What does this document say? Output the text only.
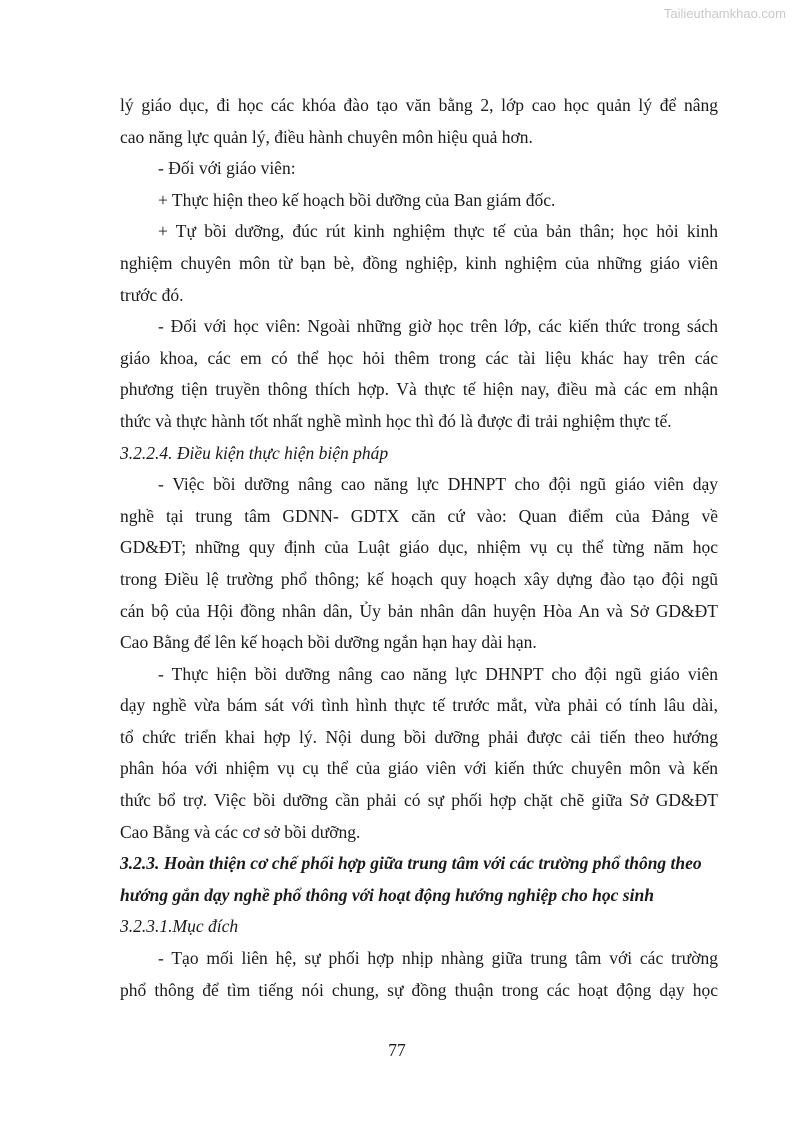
Tailieuthamkhao.com
lý giáo dục, đi học các khóa đào tạo văn bằng 2, lớp cao học quản lý để nâng
cao năng lực quản lý, điều hành chuyên môn hiệu quả hơn.
- Đối với giáo viên:
+ Thực hiện theo kế hoạch bồi dưỡng của Ban giám đốc.
+ Tự bồi dưỡng, đúc rút kinh nghiệm thực tế của bản thân; học hỏi kinh
nghiệm chuyên môn từ bạn bè, đồng nghiệp, kinh nghiệm của những giáo viên
trước đó.
- Đối với học viên: Ngoài những giờ học trên lớp, các kiến thức trong sách
giáo khoa, các em có thể học hỏi thêm trong các tài liệu khác hay trên các
phương tiện truyền thông thích hợp. Và thực tế hiện nay, điều mà các em nhận
thức và thực hành tốt nhất nghề mình học thì đó là được đi trải nghiệm thực tế.
3.2.2.4. Điều kiện thực hiện biện pháp
- Việc bồi dưỡng nâng cao năng lực DHNPT cho đội ngũ giáo viên dạy
nghề tại trung tâm GDNN- GDTX căn cứ vào: Quan điểm của Đảng về
GD&ĐT; những quy định của Luật giáo dục, nhiệm vụ cụ thể từng năm học
trong Điều lệ trường phổ thông; kế hoạch quy hoạch xây dựng đào tạo đội ngũ
cán bộ của Hội đồng nhân dân, Ủy bản nhân dân huyện Hòa An và Sở GD&ĐT
Cao Bằng để lên kế hoạch bồi dưỡng ngắn hạn hay dài hạn.
- Thực hiện bồi dưỡng nâng cao năng lực DHNPT cho đội ngũ giáo viên
dạy nghề vừa bám sát với tình hình thực tế trước mắt, vừa phải có tính lâu dài,
tổ chức triển khai hợp lý. Nội dung bồi dưỡng phải được cải tiến theo hướng
phân hóa với nhiệm vụ cụ thể của giáo viên với kiến thức chuyên môn và kến
thức bổ trợ. Việc bồi dưỡng cần phải có sự phối hợp chặt chẽ giữa Sở GD&ĐT
Cao Bằng và các cơ sở bồi dưỡng.
3.2.3. Hoàn thiện cơ chế phối hợp giữa trung tâm với các trường phổ thông theo
hướng gắn dạy nghề phổ thông với hoạt động hướng nghiệp cho học sinh
3.2.3.1.Mục đích
- Tạo mối liên hệ, sự phối hợp nhịp nhàng giữa trung tâm với các trường
phổ thông để tìm tiếng nói chung, sự đồng thuận trong các hoạt động dạy học
77
